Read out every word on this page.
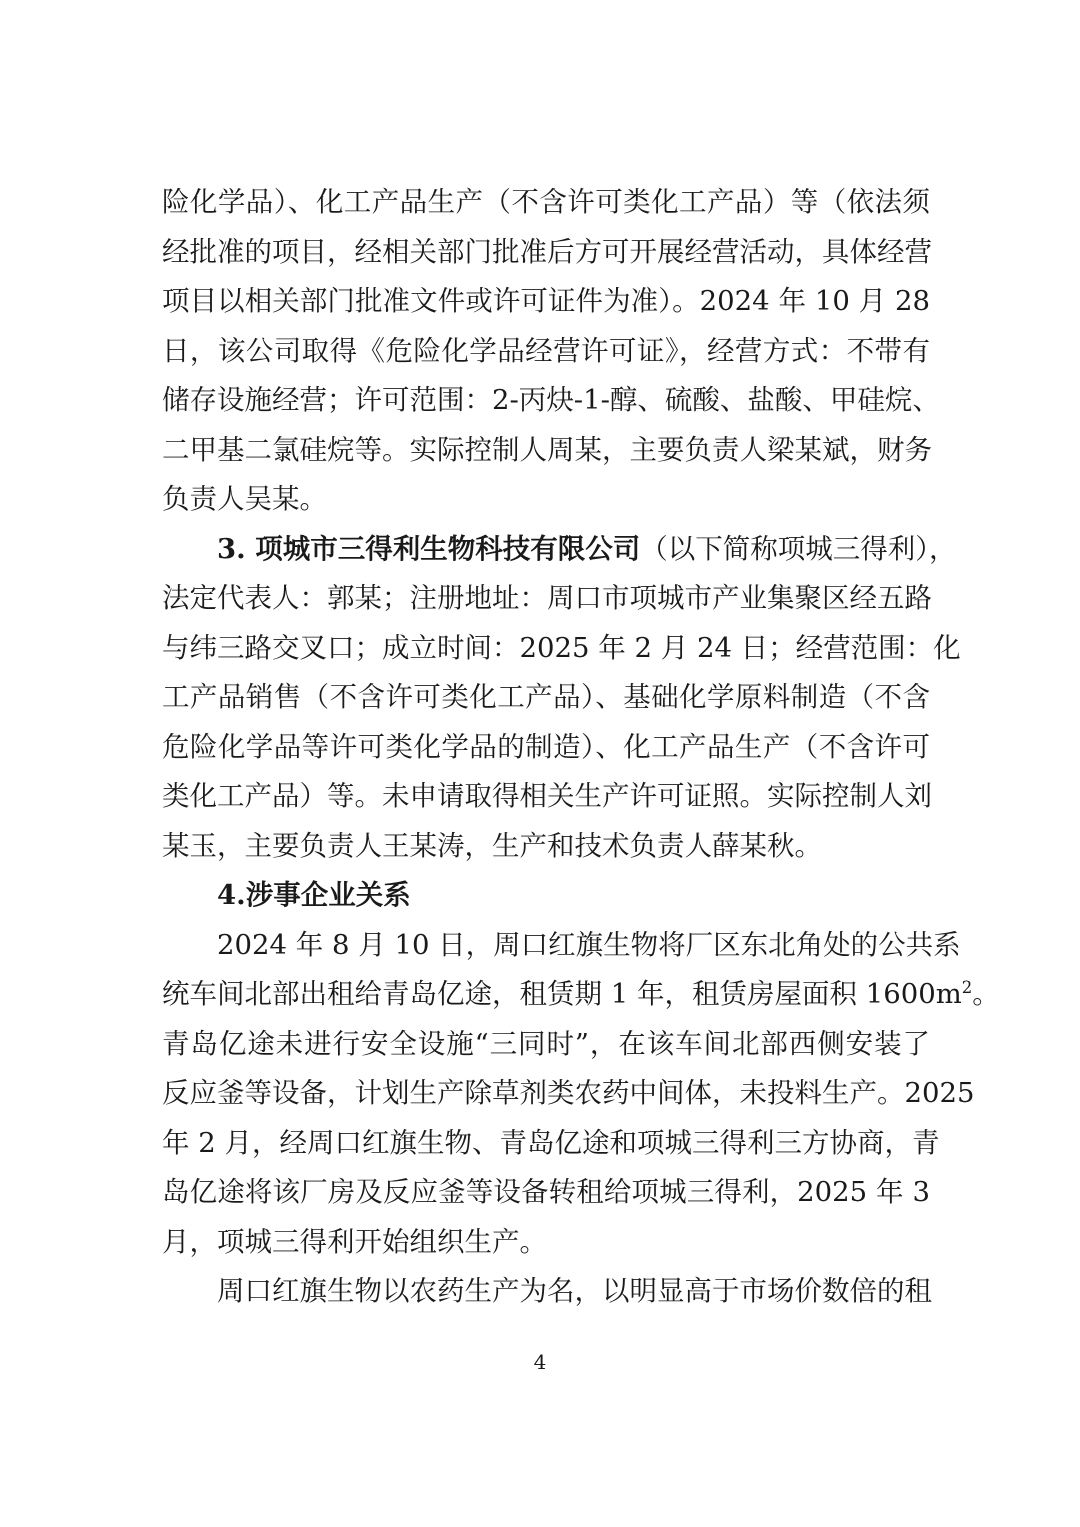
险化学品）、化工产品生产（不含许可类化工产品）等（依法须
经批准的项目，经相关部门批准后方可开展经营活动，具体经营
项目以相关部门批准文件或许可证件为准）。2024 年 10 月 28
日，该公司取得《危险化学品经营许可证》，经营方式：不带有
储存设施经营；许可范围：2-丙炔-1-醇、硫酸、盐酸、甲硅烷、
二甲基二氯硅烷等。实际控制人周某，主要负责人梁某斌，财务
负责人吴某。
3. 项城市三得利生物科技有限公司（以下简称项城三得利），
法定代表人：郭某；注册地址：周口市项城市产业集聚区经五路
与纬三路交叉口；成立时间：2025 年 2 月 24 日；经营范围：化
工产品销售（不含许可类化工产品）、基础化学原料制造（不含
危险化学品等许可类化学品的制造）、化工产品生产（不含许可
类化工产品）等。未申请取得相关生产许可证照。实际控制人刘
某玉，主要负责人王某涛，生产和技术负责人薛某秋。
4.涉事企业关系
2024 年 8 月 10 日，周口红旗生物将厂区东北角处的公共系
统车间北部出租给青岛亿途，租赁期 1 年，租赁房屋面积 $1600m^2$。
青岛亿途未进行安全设施“三同时”，在该车间北部西侧安装了
反应釜等设备，计划生产除草剂类农药中间体，未投料生产。2025
年 2 月，经周口红旗生物、青岛亿途和项城三得利三方协商，青
岛亿途将该厂房及反应釜等设备转租给项城三得利，2025 年 3
月，项城三得利开始组织生产。
周口红旗生物以农药生产为名，以明显高于市场价数倍的租
4
